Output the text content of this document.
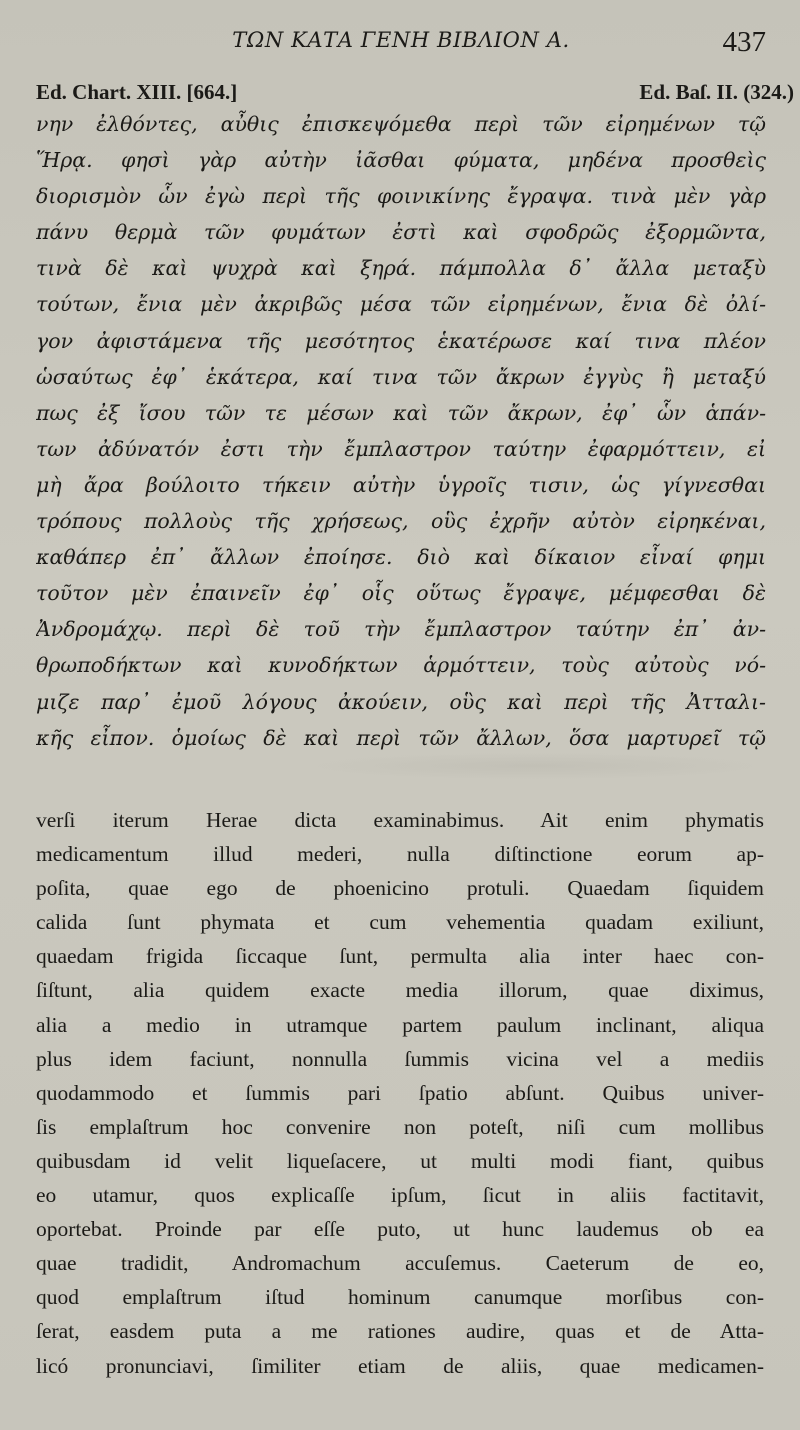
ΤΩΝ ΚΑΤΑ ΓΕΝΗ ΒΙΒΛΙΟΝ Α.	437
Ed. Chart. XIII. [664.]	Ed. Baſ. II. (324.)
νην ἐλθόντες, αὖθις ἐπισκεψόμεθα περὶ τῶν εἰρημένων τῷ
Ἥρᾳ. φησὶ γὰρ αὐτὴν ἰᾶσθαι φύματα, μηδένα προσθεὶς
διορισμὸν ὧν ἐγὼ περὶ τῆς φοινικίνης ἔγραψα. τινὰ μὲν γὰρ
πάνυ θερμὰ τῶν φυμάτων ἐστὶ καὶ σφοδρῶς ἐξορμῶντα,
τινὰ δὲ καὶ ψυχρὰ καὶ ξηρά. πάμπολλα δ᾽ ἄλλα μεταξὺ
τούτων, ἔνια μὲν ἀκριβῶς μέσα τῶν εἰρημένων, ἔνια δὲ ὀλί-
γον ἀφιστάμενα τῆς μεσότητος ἑκατέρωσε καί τινα πλέον
ὡσαύτως ἐφ᾽ ἑκάτερα, καί τινα τῶν ἄκρων ἐγγὺς ἢ μεταξύ
πως ἐξ ἴσου τῶν τε μέσων καὶ τῶν ἄκρων, ἐφ᾽ ὧν ἁπάν-
των ἀδύνατόν ἐστι τὴν ἔμπλαστρον ταύτην ἐφαρμόττειν, εἰ
μὴ ἄρα βούλοιτο τήκειν αὐτὴν ὑγροῖς τισιν, ὡς γίγνεσθαι
τρόπους πολλοὺς τῆς χρήσεως, οὓς ἐχρῆν αὐτὸν εἰρηκέναι,
καθάπερ ἐπ᾽ ἄλλων ἐποίησε. διὸ καὶ δίκαιον εἶναί φημι
τοῦτον μὲν ἐπαινεῖν ἐφ᾽ οἷς οὕτως ἔγραψε, μέμφεσθαι δὲ
Ἀνδρομάχῳ. περὶ δὲ τοῦ τὴν ἔμπλαστρον ταύτην ἐπ᾽ ἀν-
θρωποδήκτων καὶ κυνοδήκτων ἁρμόττειν, τοὺς αὐτοὺς νό-
μιζε παρ᾽ ἐμοῦ λόγους ἀκούειν, οὓς καὶ περὶ τῆς Ἀτταλι-
κῆς εἶπον. ὁμοίως δὲ καὶ περὶ τῶν ἄλλων, ὅσα μαρτυρεῖ τῷ
verſi iterum Herae dicta examinabimus. Ait enim phymatis
medicamentum illud mederi, nulla diſtinctione eorum ap-
poſita, quae ego de phoenicino protuli. Quaedam ſiquidem
calida ſunt phymata et cum vehementia quadam exiliunt,
quaedam frigida ſiccaque ſunt, permulta alia inter haec con-
ſiſtunt, alia quidem exacte media illorum, quae diximus,
alia a medio in utramque partem paulum inclinant, aliqua
plus idem faciunt, nonnulla ſummis vicina vel a mediis
quodammodo et ſummis pari ſpatio abſunt. Quibus univer-
ſis emplaſtrum hoc convenire non poteſt, niſi cum mollibus
quibusdam id velit liqueſacere, ut multi modi fiant, quibus
eo utamur, quos explicaſſe ipſum, ſicut in aliis factitavit,
oportebat. Proinde par eſſe puto, ut hunc laudemus ob ea
quae tradidit, Andromachum accuſemus. Caeterum de eo,
quod emplaſtrum iſtud hominum canumque morſibus con-
ſerat, easdem puta a me rationes audire, quas et de Atta-
licó pronunciavi, ſimiliter etiam de aliis, quae medicamen-
